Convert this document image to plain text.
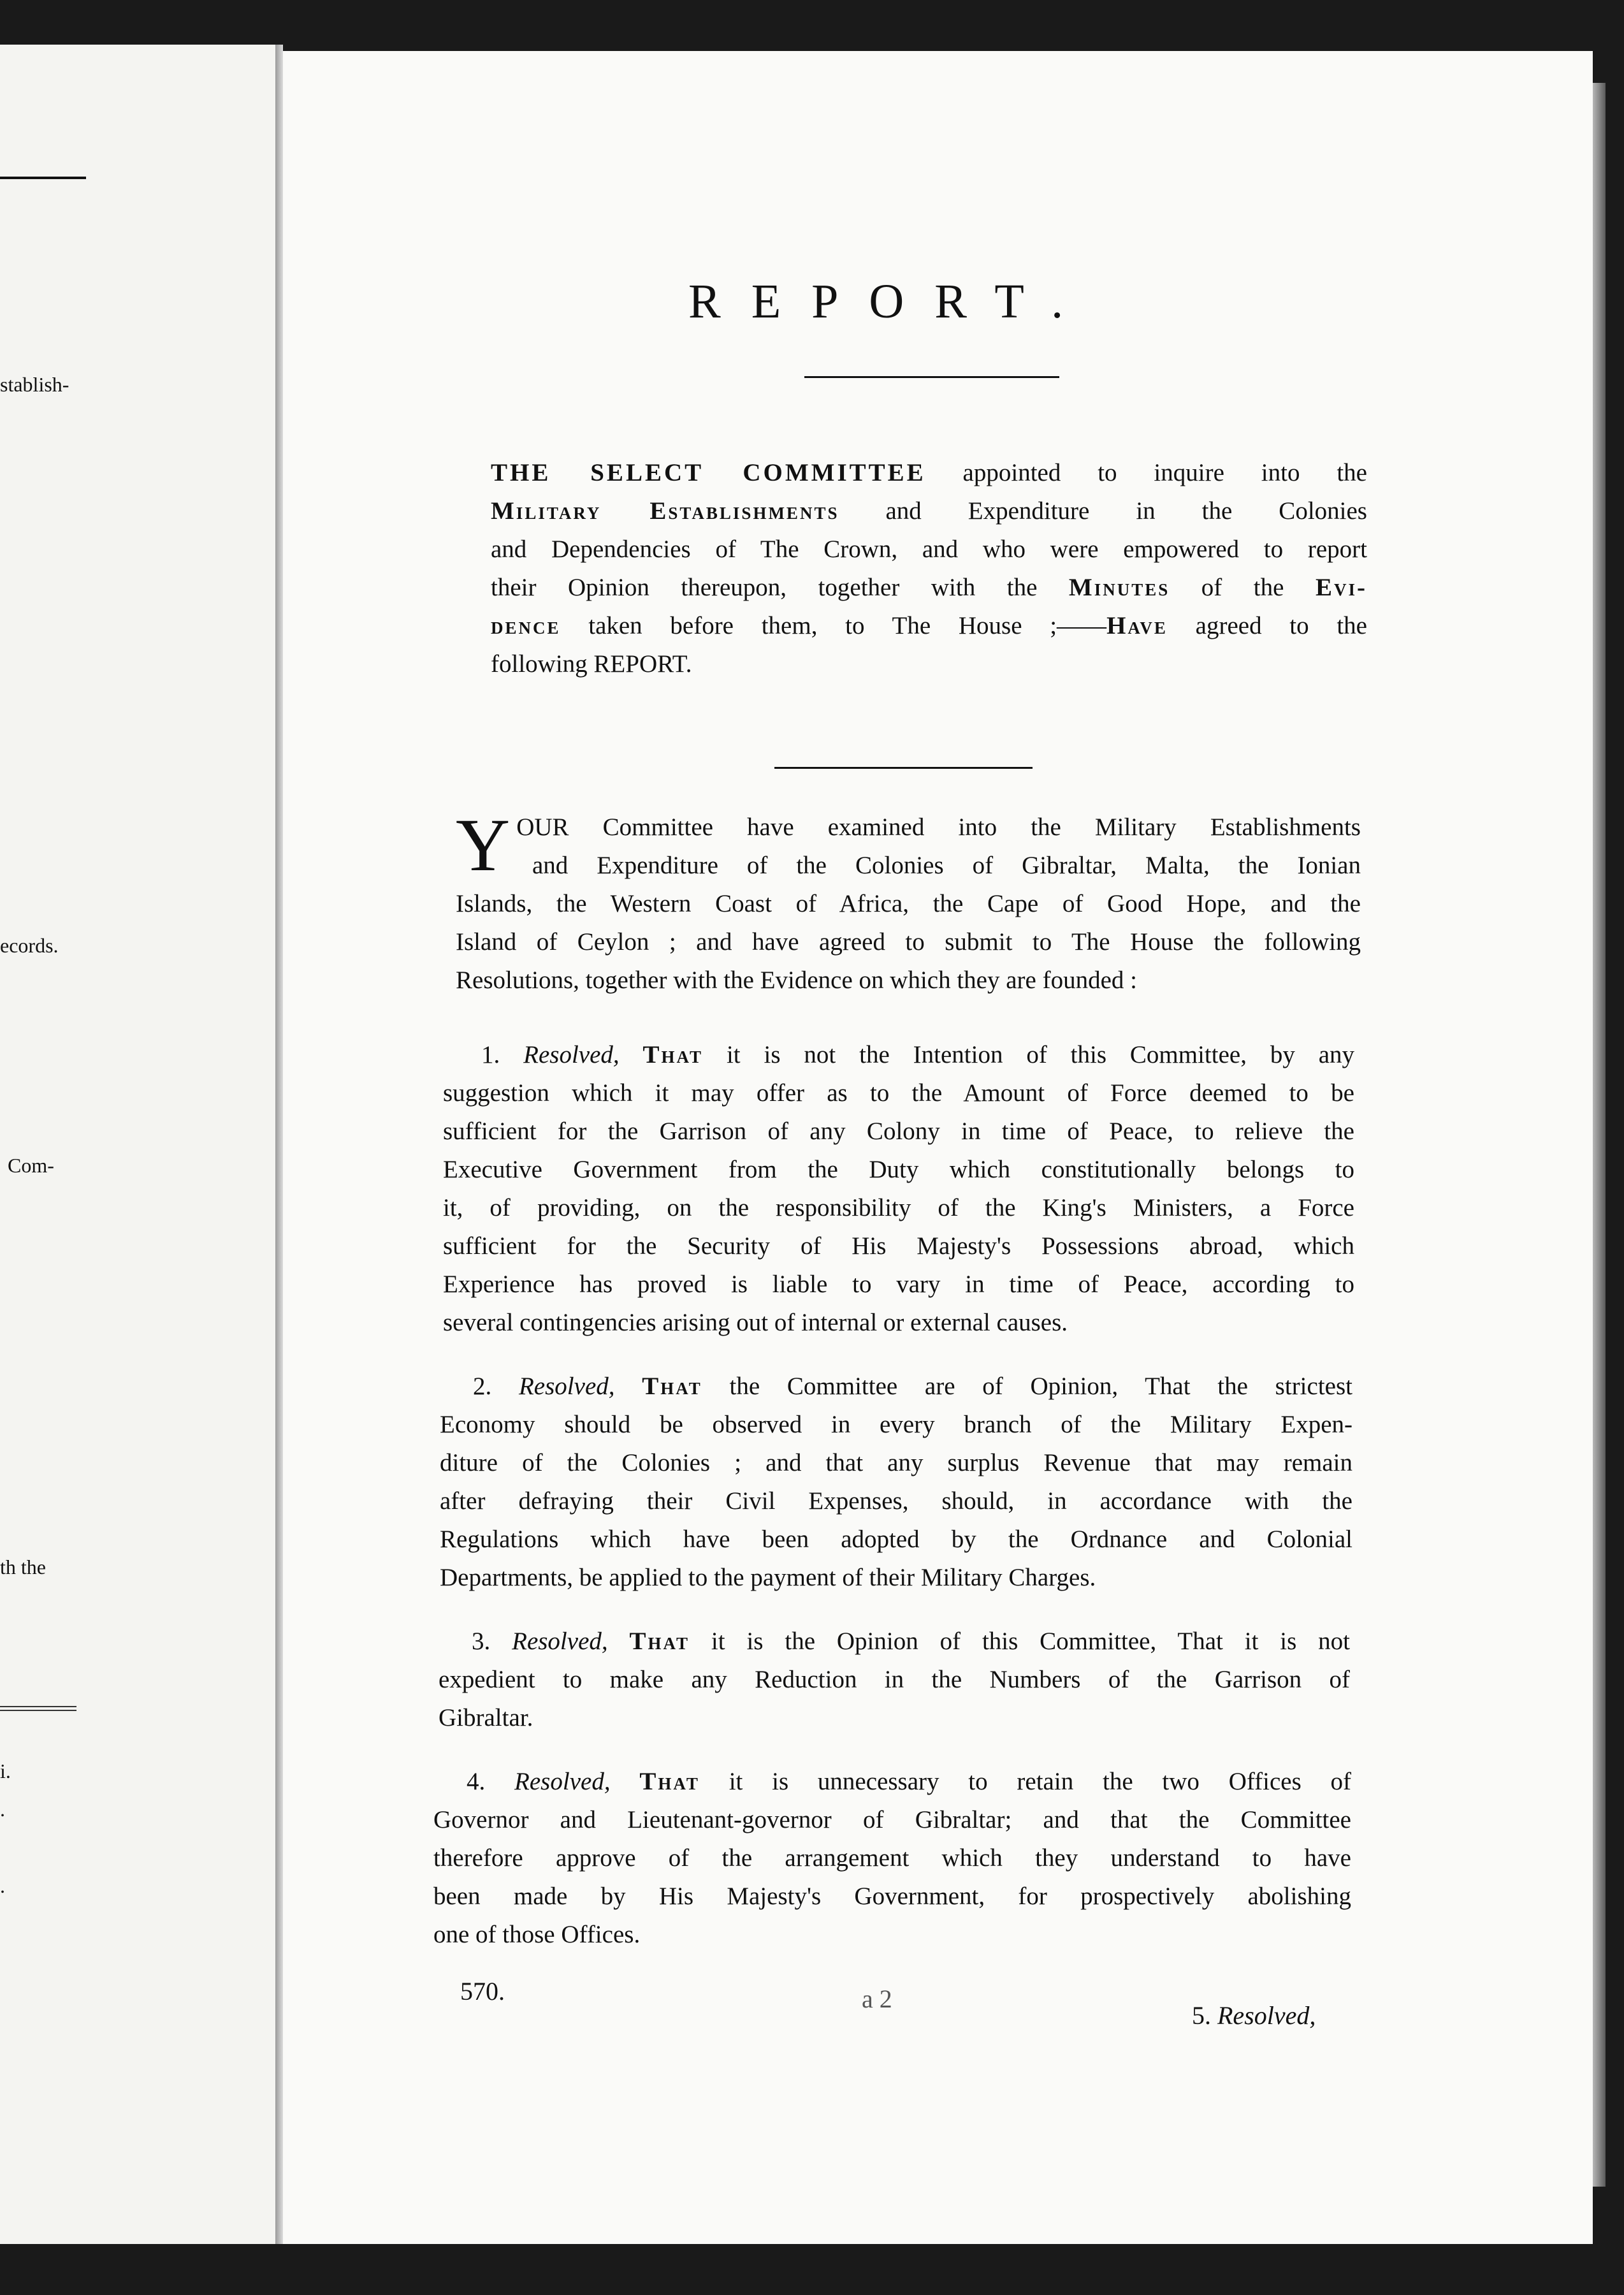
stablish-
ecords.
Com-
th the
i.
.
.
REPORT.
THE SELECT COMMITTEE appointed to inquire into the
Military Establishments and Expenditure in the Colonies
and Dependencies of The Crown, and who were empowered to report
their Opinion thereupon, together with the Minutes of the Evi-
dence taken before them, to The House ;——Have agreed to the
following REPORT.
Y OUR Committee have examined into the Military Establishments
and Expenditure of the Colonies of Gibraltar, Malta, the Ionian
Islands, the Western Coast of Africa, the Cape of Good Hope, and the
Island of Ceylon ; and have agreed to submit to The House the following
Resolutions, together with the Evidence on which they are founded :
1. Resolved, That it is not the Intention of this Committee, by any
suggestion which it may offer as to the Amount of Force deemed to be
sufficient for the Garrison of any Colony in time of Peace, to relieve the
Executive Government from the Duty which constitutionally belongs to
it, of providing, on the responsibility of the King's Ministers, a Force
sufficient for the Security of His Majesty's Possessions abroad, which
Experience has proved is liable to vary in time of Peace, according to
several contingencies arising out of internal or external causes.
2. Resolved, That the Committee are of Opinion, That the strictest
Economy should be observed in every branch of the Military Expen-
diture of the Colonies ; and that any surplus Revenue that may remain
after defraying their Civil Expenses, should, in accordance with the
Regulations which have been adopted by the Ordnance and Colonial
Departments, be applied to the payment of their Military Charges.
3. Resolved, That it is the Opinion of this Committee, That it is not
expedient to make any Reduction in the Numbers of the Garrison of
Gibraltar.
4. Resolved, That it is unnecessary to retain the two Offices of
Governor and Lieutenant-governor of Gibraltar; and that the Committee
therefore approve of the arrangement which they understand to have
been made by His Majesty's Government, for prospectively abolishing
one of those Offices.
570.	a 2
5. Resolved,
